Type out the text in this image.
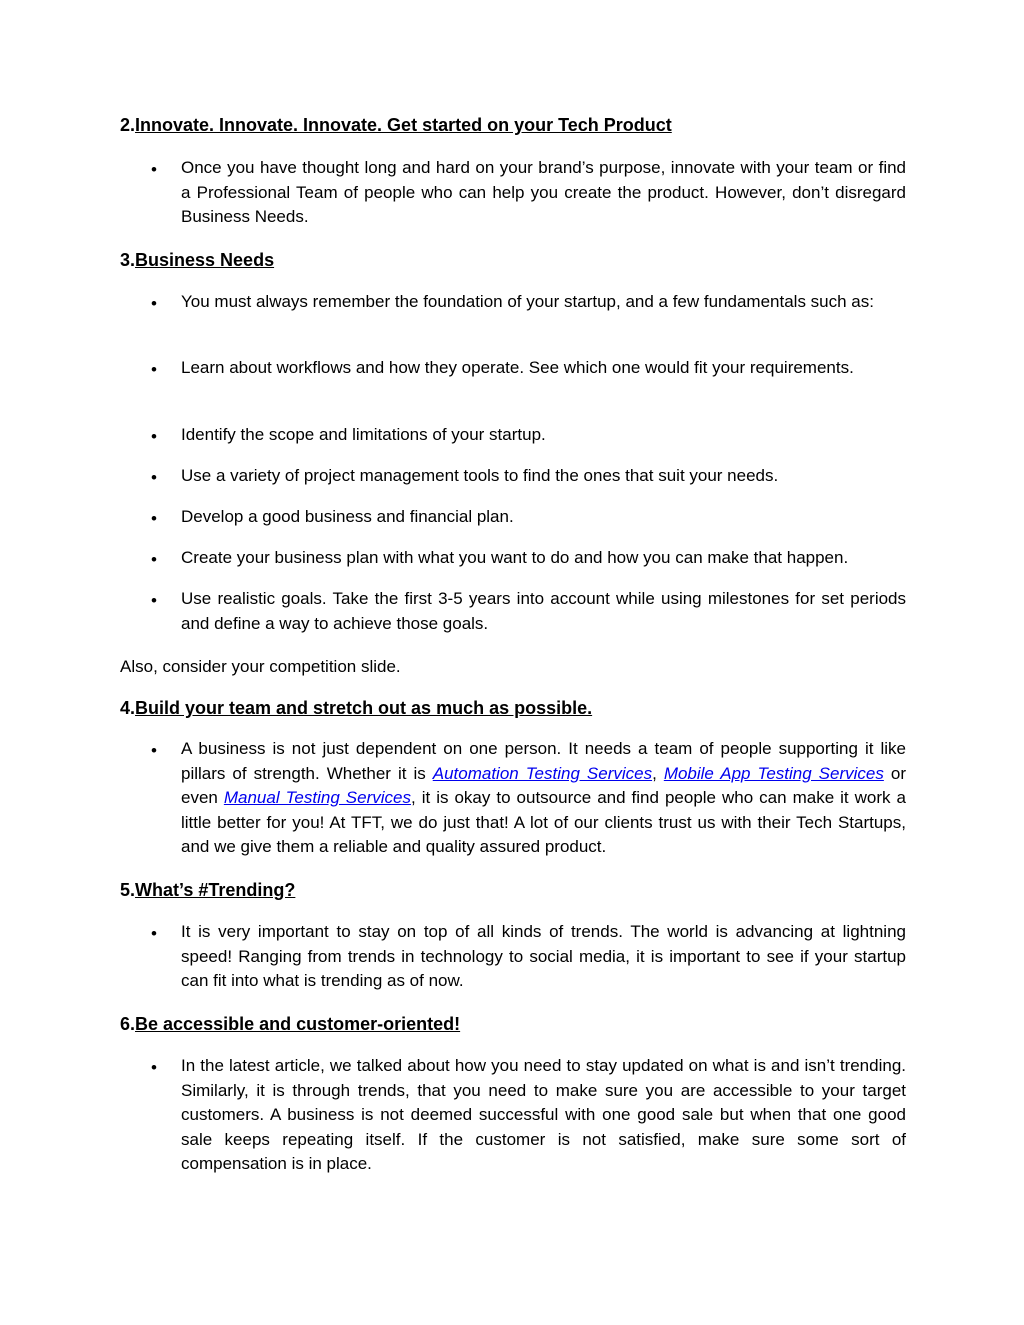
2.Innovate. Innovate. Innovate. Get started on your Tech Product
• Once you have thought long and hard on your brand’s purpose, innovate with your team or find a Professional Team of people who can help you create the product. However, don’t disregard Business Needs.
3.Business Needs
• You must always remember the foundation of your startup, and a few fundamentals such as:
• Learn about workflows and how they operate. See which one would fit your requirements.
• Identify the scope and limitations of your startup.
• Use a variety of project management tools to find the ones that suit your needs.
• Develop a good business and financial plan.
• Create your business plan with what you want to do and how you can make that happen.
• Use realistic goals. Take the first 3-5 years into account while using milestones for set periods and define a way to achieve those goals.
Also, consider your competition slide.
4.Build your team and stretch out as much as possible.
• A business is not just dependent on one person. It needs a team of people supporting it like pillars of strength. Whether it is Automation Testing Services, Mobile App Testing Services or even Manual Testing Services, it is okay to outsource and find people who can make it work a little better for you! At TFT, we do just that! A lot of our clients trust us with their Tech Startups, and we give them a reliable and quality assured product.
5.What’s #Trending?
• It is very important to stay on top of all kinds of trends. The world is advancing at lightning speed! Ranging from trends in technology to social media, it is important to see if your startup can fit into what is trending as of now.
6.Be accessible and customer-oriented!
• In the latest article, we talked about how you need to stay updated on what is and isn’t trending. Similarly, it is through trends, that you need to make sure you are accessible to your target customers. A business is not deemed successful with one good sale but when that one good sale keeps repeating itself. If the customer is not satisfied, make sure some sort of compensation is in place.
